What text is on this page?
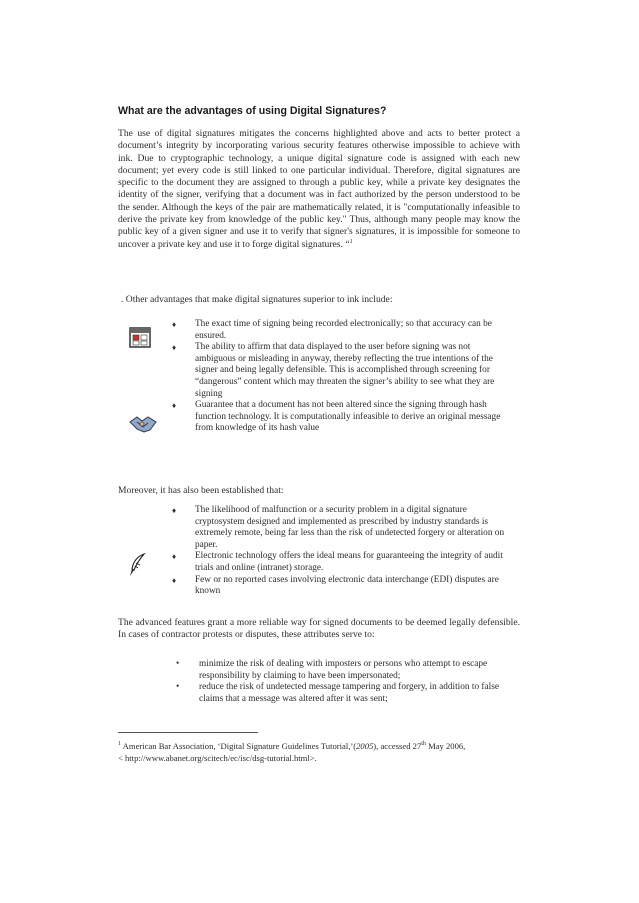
What are the advantages of using Digital Signatures?

The use of digital signatures mitigates the concerns highlighted above and acts to better protect a document’s integrity by incorporating various security features otherwise impossible to achieve with ink. Due to cryptographic technology, a unique digital signature code is assigned with each new document; yet every code is still linked to one particular individual. Therefore, digital signatures are specific to the document they are assigned to through a public key, while a private key designates the identity of the signer, verifying that a document was in fact authorized by the person understood to be the sender. Although the keys of the pair are mathematically related, it is "computationally infeasible to derive the private key from knowledge of the public key." Thus, although many people may know the public key of a given signer and use it to verify that signer's signatures, it is impossible for someone to uncover a private key and use it to forge digital signatures. “$^1$

. Other advantages that make digital signatures superior to ink include:
♦ The exact time of signing being recorded electronically; so that accuracy can be ensured.
♦ The ability to affirm that data displayed to the user before signing was not ambiguous or misleading in anyway, thereby reflecting the true intentions of the signer and being legally defensible. This is accomplished through screening for “dangerous” content which may threaten the signer’s ability to see what they are signing
♦ Guarantee that a document has not been altered since the signing through hash function technology. It is computationally infeasible to derive an original message from knowledge of its hash value
Moreover, it has also been established that:
♦ The likelihood of malfunction or a security problem in a digital signature cryptosystem designed and implemented as prescribed by industry standards is extremely remote, being far less than the risk of undetected forgery or alteration on paper.
♦ Electronic technology offers the ideal means for guaranteeing the integrity of audit trials and online (intranet) storage.
♦ Few or no reported cases involving electronic data interchange (EDI) disputes are known

The advanced features grant a more reliable way for signed documents to be deemed legally defensible. In cases of contractor protests or disputes, these attributes serve to:

• minimize the risk of dealing with imposters or persons who attempt to escape responsibility by claiming to have been impersonated;
• reduce the risk of undetected message tampering and forgery, in addition to false claims that a message was altered after it was sent;
$^1$ American Bar Association, ‘Digital Signature Guidelines Tutorial,’(2005), accessed 27th May 2006,
< http://www.abanet.org/scitech/ec/isc/dsg-tutorial.html>.
